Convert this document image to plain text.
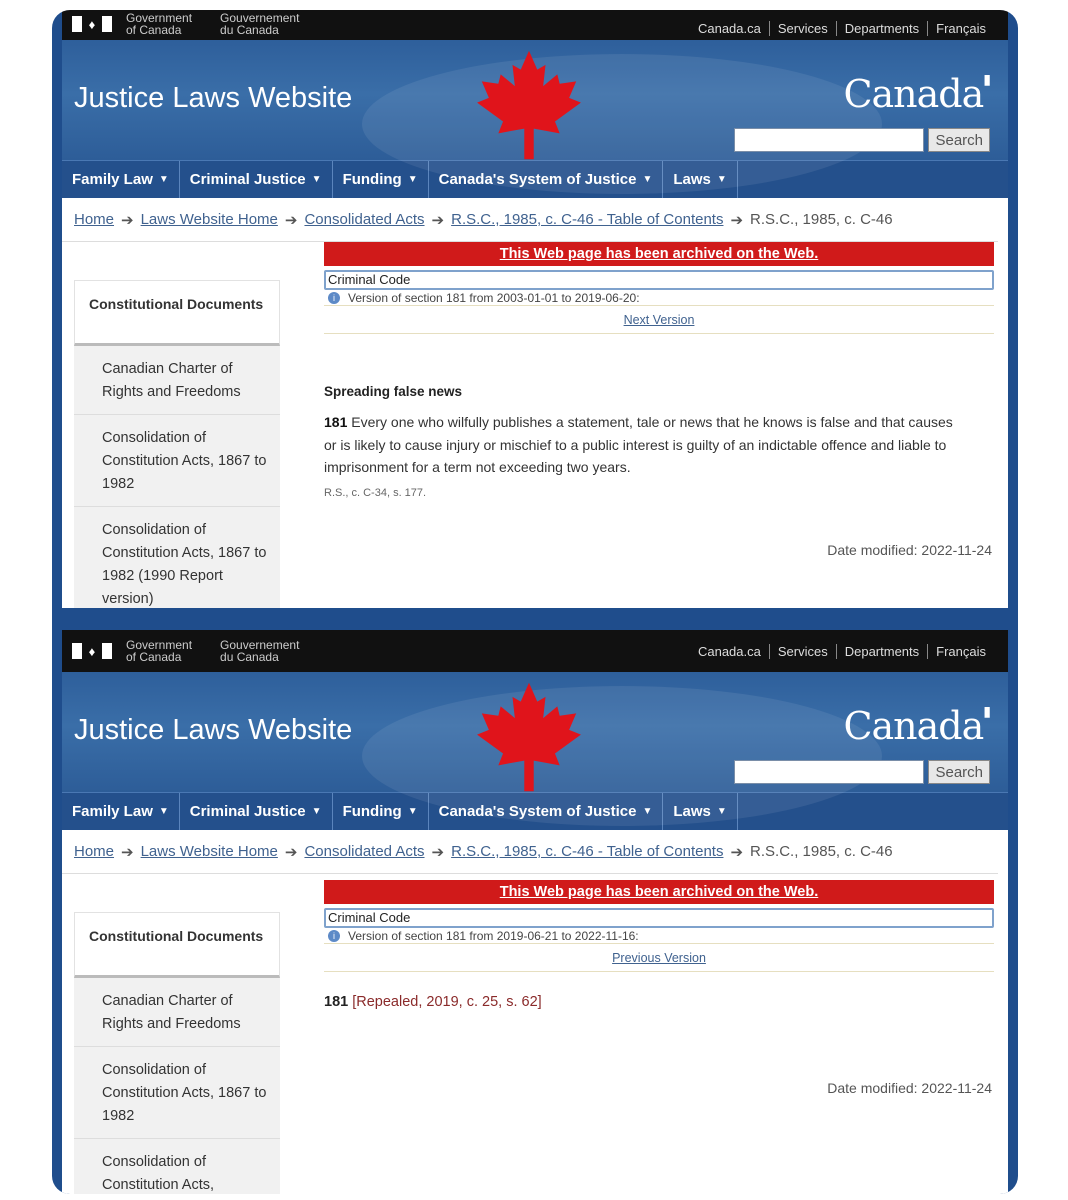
♦	Government
of Canada
Gouvernement
du Canada	Canada.ca	Services	Departments	Français
Justice Laws Website	Canada▮
Search
Family Law ▼ Criminal Justice ▼ Funding ▼ Canada's System of Justice ▼ Laws ▼
Home ➔ Laws Website Home ➔ Consolidated Acts ➔ R.S.C., 1985, c. C-46 - Table of Contents ➔ R.S.C., 1985, c. C-46
Constitutional Documents
Canadian Charter of Rights and Freedoms
Consolidation of Constitution Acts, 1867 to 1982
Consolidation of Constitution Acts, 1867 to 1982 (1990 Report version)
This Web page has been archived on the Web.
Criminal Code
i	Version of section 181 from 2003-01-01 to 2019-06-20:
Next Version
Spreading false news
181 Every one who wilfully publishes a statement, tale or news that he knows is false and that causes or is likely to cause injury or mischief to a public interest is guilty of an indictable offence and liable to imprisonment for a term not exceeding two years.
R.S., c. C-34, s. 177.
Date modified: 2022-11-24
♦	Government
of Canada
Gouvernement
du Canada	Canada.ca	Services	Departments	Français
Justice Laws Website	Canada▮
Search
Family Law ▼ Criminal Justice ▼ Funding ▼ Canada's System of Justice ▼ Laws ▼
Home ➔ Laws Website Home ➔ Consolidated Acts ➔ R.S.C., 1985, c. C-46 - Table of Contents ➔ R.S.C., 1985, c. C-46
Constitutional Documents
Canadian Charter of Rights and Freedoms
Consolidation of Constitution Acts, 1867 to 1982
Consolidation of Constitution Acts,
This Web page has been archived on the Web.
Criminal Code
i	Version of section 181 from 2019-06-21 to 2022-11-16:
Previous Version
181 [Repealed, 2019, c. 25, s. 62]
Date modified: 2022-11-24
